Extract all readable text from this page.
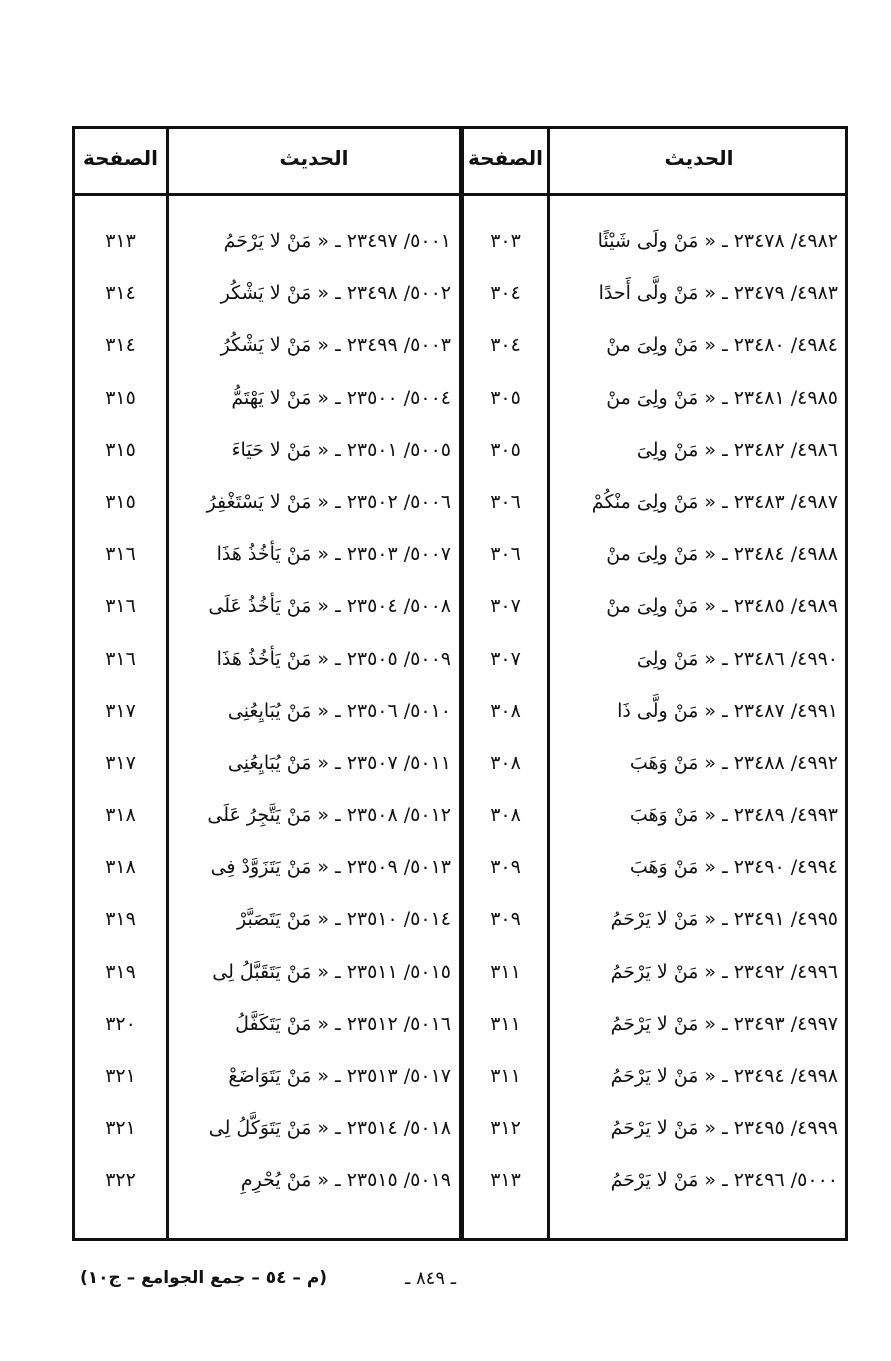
الحديث
الصفحة
الحديث
الصفحة
٤٩٨٢/ ٢٣٤٧٨ ـ « مَنْ ولَى شَيْئًا
٣٠٣
٥٠٠١/ ٢٣٤٩٧ ـ « مَنْ لا يَرْحَمُ
٣١٣
٤٩٨٣/ ٢٣٤٧٩ ـ « مَنْ ولَّى أَحدًا
٣٠٤
٥٠٠٢/ ٢٣٤٩٨ ـ « مَنْ لا يَشْكُر
٣١٤
٤٩٨٤/ ٢٣٤٨٠ ـ « مَنْ ولِىَ منْ
٣٠٤
٥٠٠٣/ ٢٣٤٩٩ ـ « مَنْ لا يَشْكُرُ
٣١٤
٤٩٨٥/ ٢٣٤٨١ ـ « مَنْ ولِىَ منْ
٣٠٥
٥٠٠٤/ ٢٣٥٠٠ ـ « مَنْ لا يَهْتَمُّ
٣١٥
٤٩٨٦/ ٢٣٤٨٢ ـ « مَنْ ولِىَ
٣٠٥
٥٠٠٥/ ٢٣٥٠١ ـ « مَنْ لا حَيَاءَ
٣١٥
٤٩٨٧/ ٢٣٤٨٣ ـ « مَنْ ولِىَ منْكُمْ
٣٠٦
٥٠٠٦/ ٢٣٥٠٢ ـ « مَنْ لا يَسْتَغْفِرُ
٣١٥
٤٩٨٨/ ٢٣٤٨٤ ـ « مَنْ ولِىَ منْ
٣٠٦
٥٠٠٧/ ٢٣٥٠٣ ـ « مَنْ يَأخُذُ هَذَا
٣١٦
٤٩٨٩/ ٢٣٤٨٥ ـ « مَنْ ولِىَ منْ
٣٠٧
٥٠٠٨/ ٢٣٥٠٤ ـ « مَنْ يَأخُذُ عَلَى
٣١٦
٤٩٩٠/ ٢٣٤٨٦ ـ « مَنْ ولِىَ
٣٠٧
٥٠٠٩/ ٢٣٥٠٥ ـ « مَنْ يَأخُذُ هَذَا
٣١٦
٤٩٩١/ ٢٣٤٨٧ ـ « مَنْ ولَّى ذَا
٣٠٨
٥٠١٠/ ٢٣٥٠٦ ـ « مَنْ يُبَايِعُنِى
٣١٧
٤٩٩٢/ ٢٣٤٨٨ ـ « مَنْ وَهَبَ
٣٠٨
٥٠١١/ ٢٣٥٠٧ ـ « مَنْ يُبَايِعُنِى
٣١٧
٤٩٩٣/ ٢٣٤٨٩ ـ « مَنْ وَهَبَ
٣٠٨
٥٠١٢/ ٢٣٥٠٨ ـ « مَنْ يَتَّجِرُ عَلَى
٣١٨
٤٩٩٤/ ٢٣٤٩٠ ـ « مَنْ وَهَبَ
٣٠٩
٥٠١٣/ ٢٣٥٠٩ ـ « مَنْ يَتَزَوَّدْ فِى
٣١٨
٤٩٩٥/ ٢٣٤٩١ ـ « مَنْ لا يَرْحَمُ
٣٠٩
٥٠١٤/ ٢٣٥١٠ ـ « مَنْ يَتَصَبَّرْ
٣١٩
٤٩٩٦/ ٢٣٤٩٢ ـ « مَنْ لا يَرْحَمُ
٣١١
٥٠١٥/ ٢٣٥١١ ـ « مَنْ يَتَقَبَّلُ لِى
٣١٩
٤٩٩٧/ ٢٣٤٩٣ ـ « مَنْ لا يَرْحَمُ
٣١١
٥٠١٦/ ٢٣٥١٢ ـ « مَنْ يَتَكَفَّلُ
٣٢٠
٤٩٩٨/ ٢٣٤٩٤ ـ « مَنْ لا يَرْحَمُ
٣١١
٥٠١٧/ ٢٣٥١٣ ـ « مَنْ يَتَوَاضَعْ
٣٢١
٤٩٩٩/ ٢٣٤٩٥ ـ « مَنْ لا يَرْحَمُ
٣١٢
٥٠١٨/ ٢٣٥١٤ ـ « مَنْ يَتَوَكَّلُ لِى
٣٢١
٥٠٠٠/ ٢٣٤٩٦ ـ « مَنْ لا يَرْحَمُ
٣١٣
٥٠١٩/ ٢٣٥١٥ ـ « مَنْ يُحْرِمِ
٣٢٢
(م – ٥٤ – جمع الجوامع – ج١٠)	ـ ٨٤٩ ـ
